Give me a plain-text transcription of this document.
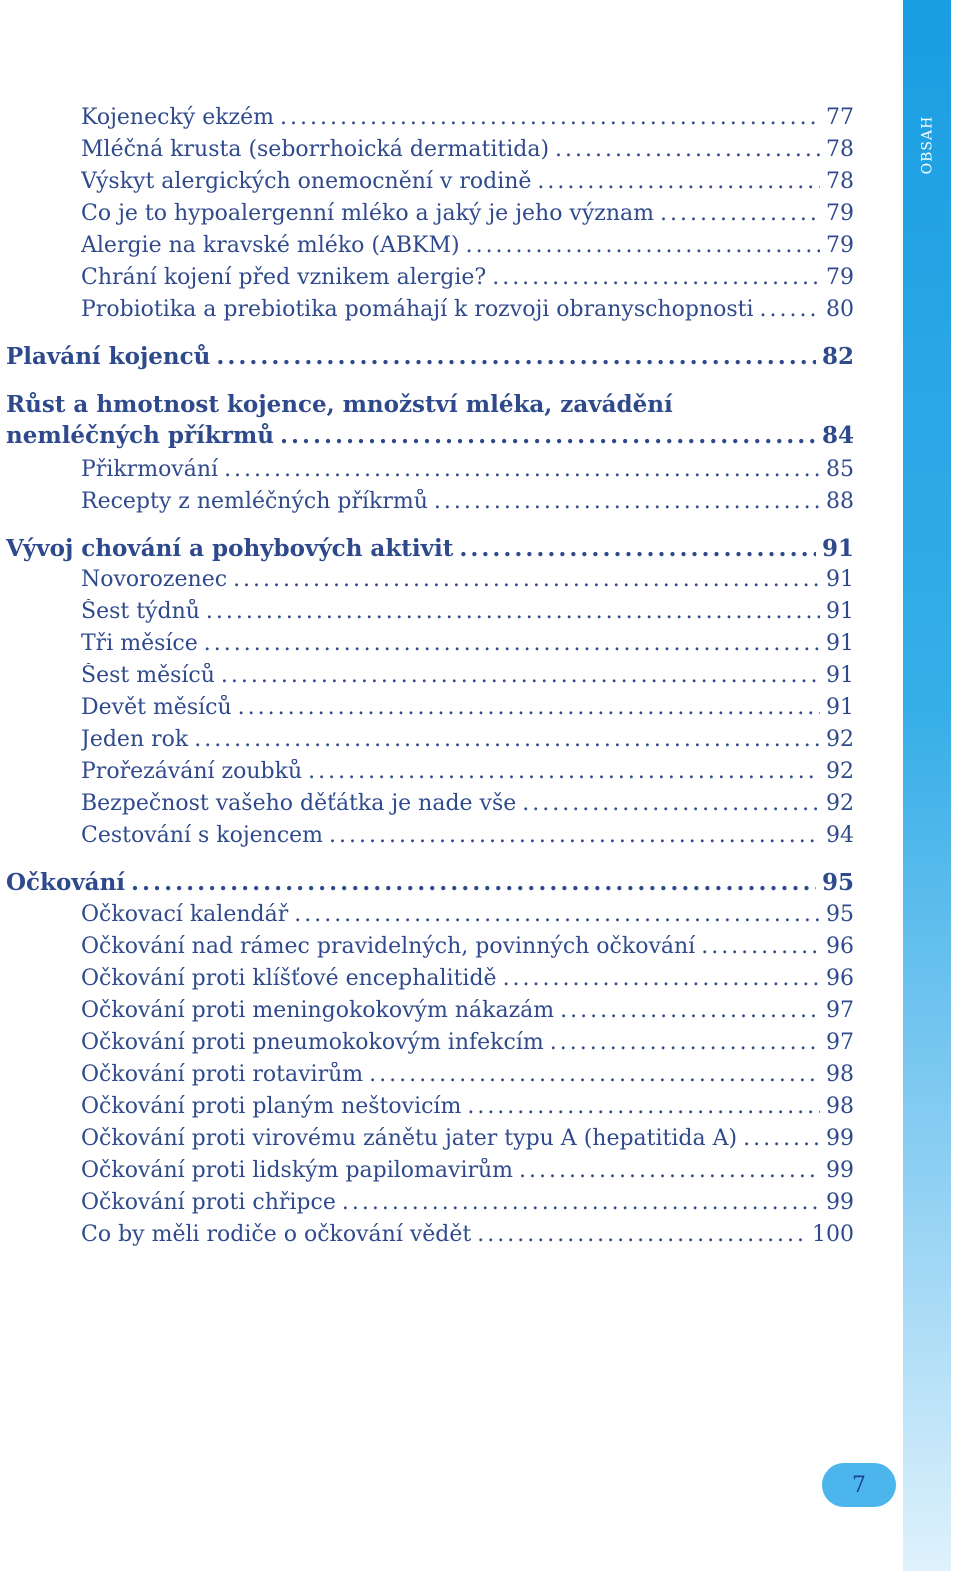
Kojenecký ekzém .....	77
Mléčná krusta (seborrhoická dermatitida) .....	78
Výskyt alergických onemocnění v rodině .....	78
Co je to hypoalergenní mléko a jaký je jeho význam .....	79
Alergie na kravské mléko (ABKM) .....	79
Chrání kojení před vznikem alergie? .....	79
Probiotika a prebiotika pomáhají k rozvoji obranyschopnosti .....	80
Plavání kojenců .....	82
Růst a hmotnost kojence, množství mléka, zavádění
nemléčných příkrmů .....	84
Přikrmování .....	85
Recepty z nemléčných příkrmů .....	88
Vývoj chování a pohybových aktivit .....	91
Novorozenec .....	91
Šest týdnů .....	91
Tři měsíce .....	91
Šest měsíců .....	91
Devět měsíců .....	91
Jeden rok .....	92
Prořezávání zoubků .....	92
Bezpečnost vašeho děťátka je nade vše .....	92
Cestování s kojencem .....	94
Očkování .....	95
Očkovací kalendář .....	95
Očkování nad rámec pravidelných, povinných očkování .....	96
Očkování proti klíšťové encephalitidě .....	96
Očkování proti meningokokovým nákazám .....	97
Očkování proti pneumokokovým infekcím .....	97
Očkování proti rotavirům .....	98
Očkování proti planým neštovicím .....	98
Očkování proti virovému zánětu jater typu A (hepatitida A) .....	99
Očkování proti lidským papilomavirům .....	99
Očkování proti chřipce .....	99
Co by měli rodiče o očkování vědět .....	100
OBSAH
7
